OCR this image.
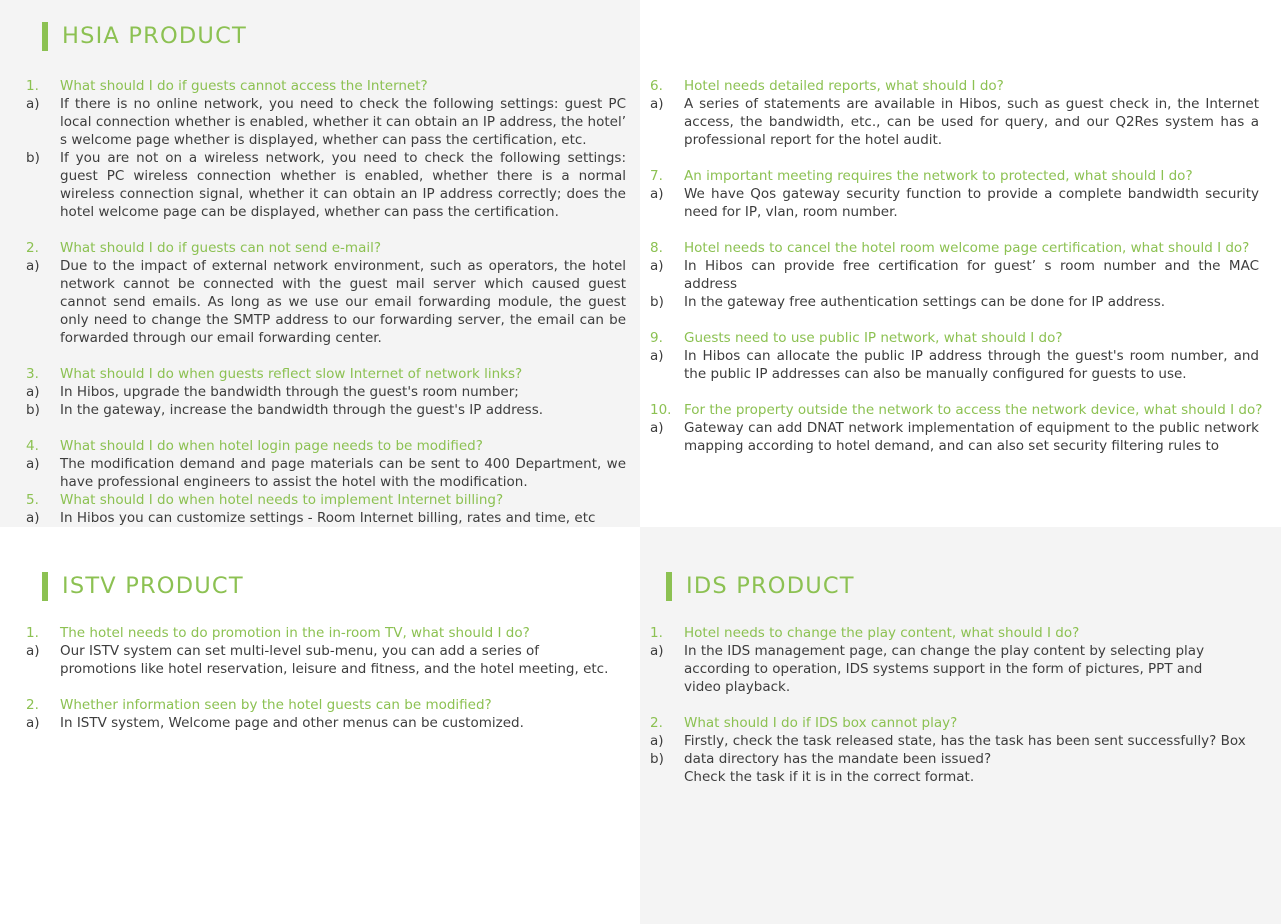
HSIA PRODUCT
1.	What should I do if guests cannot access the Internet?
a)	If there is no online network, you need to check the following settings: guest PC local connection whether is enabled, whether it can obtain an IP address, the hotel’ s welcome page whether is displayed, whether can pass the certification, etc.
b)	If you are not on a wireless network, you need to check the following settings: guest PC wireless connection whether is enabled, whether there is a normal wireless connection signal, whether it can obtain an IP address correctly; does the hotel welcome page can be displayed, whether can pass the certification.
2.	What should I do if guests can not send e-mail?
a)	Due to the impact of external network environment, such as operators, the hotel network cannot be connected with the guest mail server which caused guest cannot send emails. As long as we use our email forwarding module, the guest only need to change the SMTP address to our forwarding server, the email can be forwarded through our email forwarding center.
3.	What should I do when guests reflect slow Internet of network links?
a)	In Hibos, upgrade the bandwidth through the guest's room number;
b)	In the gateway, increase the bandwidth through the guest's IP address.
4.	What should I do when hotel login page needs to be modified?
a)	The modification demand and page materials can be sent to 400 Department, we have professional engineers to assist the hotel with the modification.
5.	What should I do when hotel needs to implement Internet billing?
a)	In Hibos you can customize settings - Room Internet billing, rates and time, etc
6.	Hotel needs detailed reports, what should I do?
a)	A series of statements are available in Hibos, such as guest check in, the Internet access, the bandwidth, etc., can be used for query, and our Q2Res system has a professional report for the hotel audit.
7.	An important meeting requires the network to protected, what should I do?
a)	We have Qos gateway security function to provide a complete bandwidth security need for IP, vlan, room number.
8.	Hotel needs to cancel the hotel room welcome page certification, what should I do?
a)	In Hibos can provide free certification for guest’ s room number and the MAC address
b)	In the gateway free authentication settings can be done for IP address.
9.	Guests need to use public IP network, what should I do?
a)	In Hibos can allocate the public IP address through the guest's room number, and the public IP addresses can also be manually configured for guests to use.
10. For the property outside the network to access the network device, what should I do?
a)	Gateway can add DNAT network implementation of equipment to the public network mapping according to hotel demand, and can also set security filtering rules to
ISTV PRODUCT
1.	The hotel needs to do promotion in the in-room TV, what should I do?
a)	Our ISTV system can set multi-level sub-menu, you can add a series of
promotions like hotel reservation, leisure and fitness, and the hotel meeting, etc.
2.	Whether information seen by the hotel guests can be modified?
a)	In ISTV system, Welcome page and other menus can be customized.
IDS PRODUCT
1.	Hotel needs to change the play content, what should I do?
a)	In the IDS management page, can change the play content by selecting play
according to operation, IDS systems support in the form of pictures, PPT and
video playback.
2.	What should I do if IDS box cannot play?
a)	Firstly, check the task released state, has the task has been sent successfully? Box
b)	data directory has the mandate been issued?
Check the task if it is in the correct format.
